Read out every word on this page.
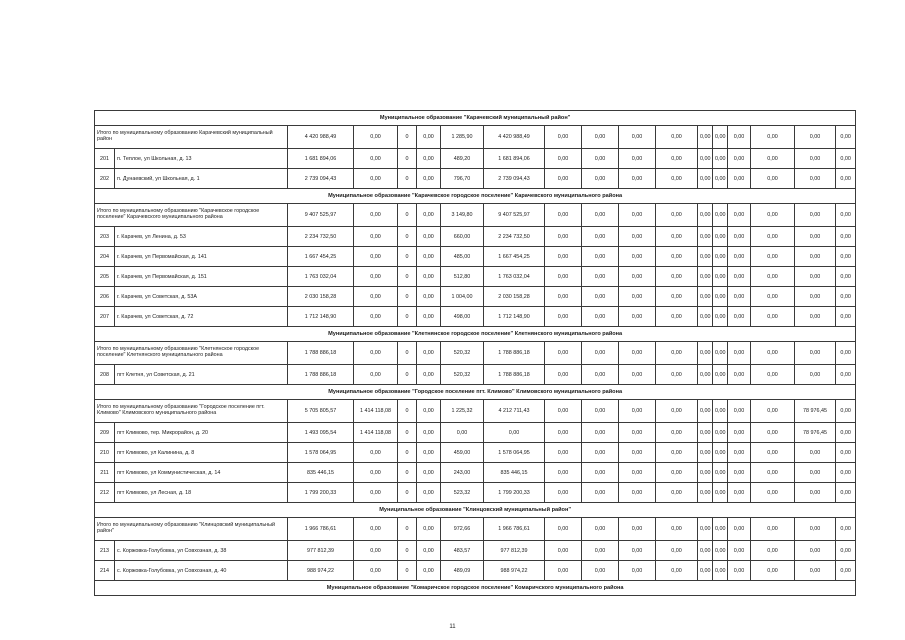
Муниципальное образование "Карачевский муниципальный район"																	
Итого по муниципальному образованию Карачевский муниципальный район		4 420 988,49	0,00	0	0,00	1 285,90	4 420 988,49	0,00	0,00	0,00	0,00	0,00	0,00	0,00	0,00	0,00	0,00
201	п. Теплое, ул Школьная, д. 13	1 681 894,06	0,00	0	0,00	489,20	1 681 894,06	0,00	0,00	0,00	0,00	0,00	0,00	0,00	0,00	0,00	0,00
202	п. Дунаевский, ул Школьная, д. 1	2 739 094,43	0,00	0	0,00	796,70	2 739 094,43	0,00	0,00	0,00	0,00	0,00	0,00	0,00	0,00	0,00	0,00
Муниципальное образование "Карачевское городское поселение" Карачевского муниципального района																	
Итого по муниципальному образованию "Карачевское городское поселение" Карачевского муниципального района		9 407 525,97	0,00	0	0,00	3 149,80	9 407 525,97	0,00	0,00	0,00	0,00	0,00	0,00	0,00	0,00	0,00	0,00
203	г. Карачев, ул Ленина, д. 53	2 234 732,50	0,00	0	0,00	660,00	2 234 732,50	0,00	0,00	0,00	0,00	0,00	0,00	0,00	0,00	0,00	0,00
204	г. Карачев, ул Первомайская, д. 141	1 667 454,25	0,00	0	0,00	485,00	1 667 454,25	0,00	0,00	0,00	0,00	0,00	0,00	0,00	0,00	0,00	0,00
205	г. Карачев, ул Первомайская, д. 151	1 763 032,04	0,00	0	0,00	512,80	1 763 032,04	0,00	0,00	0,00	0,00	0,00	0,00	0,00	0,00	0,00	0,00
206	г. Карачев, ул Советская, д. 53А	2 030 158,28	0,00	0	0,00	1 004,00	2 030 158,28	0,00	0,00	0,00	0,00	0,00	0,00	0,00	0,00	0,00	0,00
207	г. Карачев, ул Советская, д. 72	1 712 148,90	0,00	0	0,00	498,00	1 712 148,90	0,00	0,00	0,00	0,00	0,00	0,00	0,00	0,00	0,00	0,00
Муниципальное образование "Клетнянское городское поселение" Клетнянского муниципального района																	
Итого по муниципальному образованию "Клетнянское городское поселение" Клетнянского муниципального района		1 788 886,18	0,00	0	0,00	520,32	1 788 886,18	0,00	0,00	0,00	0,00	0,00	0,00	0,00	0,00	0,00	0,00
208	пгт Клетня, ул Советская, д. 21	1 788 886,18	0,00	0	0,00	520,32	1 788 886,18	0,00	0,00	0,00	0,00	0,00	0,00	0,00	0,00	0,00	0,00
Муниципальное образование "Городское поселение пгт. Климово" Климовского муниципального района																	
Итого по муниципальному образованию "Городское поселение пгт. Климово" Климовского муниципального района		5 705 805,57	1 414 118,08	0	0,00	1 225,32	4 212 711,43	0,00	0,00	0,00	0,00	0,00	0,00	0,00	0,00	78 976,45	0,00
209	пгт Климово, тер. Микрорайон, д. 20	1 493 095,54	1 414 118,08	0	0,00	0,00	0,00	0,00	0,00	0,00	0,00	0,00	0,00	0,00	0,00	78 976,45	0,00
210	пгт Климово, ул Калинина, д. 8	1 578 064,95	0,00	0	0,00	459,00	1 578 064,95	0,00	0,00	0,00	0,00	0,00	0,00	0,00	0,00	0,00	0,00
211	пгт Климово, ул Коммунистическая, д. 14	835 446,15	0,00	0	0,00	243,00	835 446,15	0,00	0,00	0,00	0,00	0,00	0,00	0,00	0,00	0,00	0,00
212	пгт Климово, ул Лесная, д. 18	1 799 200,33	0,00	0	0,00	523,32	1 799 200,33	0,00	0,00	0,00	0,00	0,00	0,00	0,00	0,00	0,00	0,00
Муниципальное образование "Клинцовский муниципальный район"																	
Итого по муниципальному образованию "Клинцовский муниципальный район"		1 966 786,61	0,00	0	0,00	972,66	1 966 786,61	0,00	0,00	0,00	0,00	0,00	0,00	0,00	0,00	0,00	0,00
213	с. Коржовка-Голубовка, ул Совхозная, д. 38	977 812,39	0,00	0	0,00	483,57	977 812,39	0,00	0,00	0,00	0,00	0,00	0,00	0,00	0,00	0,00	0,00
214	с. Коржовка-Голубовка, ул Совхозная, д. 40	988 974,22	0,00	0	0,00	489,09	988 974,22	0,00	0,00	0,00	0,00	0,00	0,00	0,00	0,00	0,00	0,00
Муниципальное образование "Комаричское городское поселение" Комаричского муниципального района																	
11
